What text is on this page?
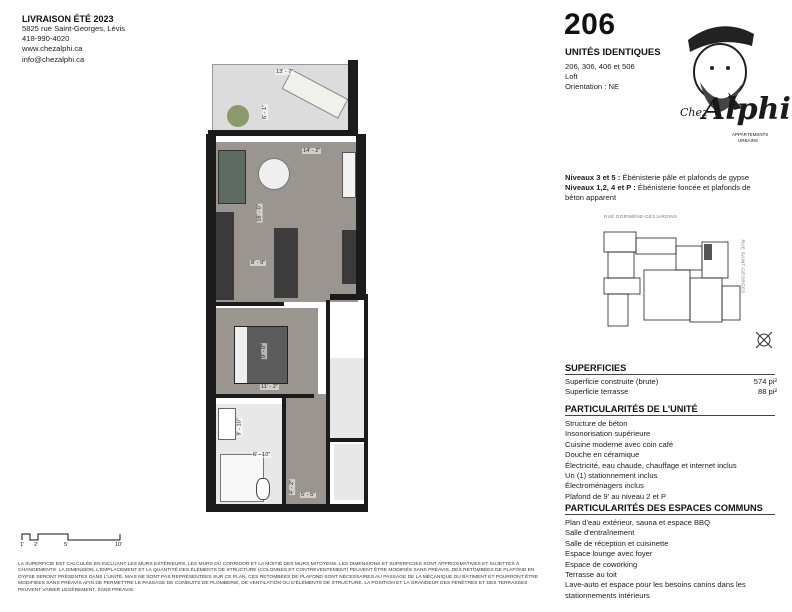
LIVRAISON ÉTÉ 2023
5825 rue Saint-Georges, Lévis
418-990-4020
www.chezalphi.ca
info@chezalphi.ca
13' - 7"
6' - 1"
14' - 2"
16' - 0"
8' - 9"
9' - 0"
11' - 2"
9' - 10"
6' - 10"
4' - 2"
5' - 5"
1' 2'	5'	10'
LA SUPERFICIE EST CALCULÉE EN INCLUANT LES MURS EXTÉRIEURS, LES MURS DU CORRIDOR ET LA MOITIÉ DES MURS MITOYENS. LES DIMENSIONS ET SUPERFICIES SONT APPROXIMATIVES ET SUJETTES À CHANGEMENTS. LA DIMENSION, L'EMPLACEMENT ET LA QUANTITÉ DES ÉLÉMENTS DE STRUCTURE (COLONNES ET CONTREVENTEMENT) PEUVENT ÊTRE MODIFIÉS SANS PRÉAVIS. DES RETOMBÉES DE PLAFOND EN GYPSE SERONT PRÉSENTES DANS L'UNITÉ, MAIS NE SONT PAS REPRÉSENTÉES SUR CE PLAN. CES RETOMBÉES DE PLAFOND SONT NÉCESSAIRES AU PASSAGE DE LA MÉCANIQUE DU BÂTIMENT ET POURRONT ÊTRE MODIFIÉES SANS PRÉAVIS AFIN DE PERMETTRE LE PASSAGE DE CONDUITS DE PLOMBERIE, DE VENTILATION OU D'ÉLÉMENTS DE STRUCTURE. LA POSITION ET LA GRANDEUR DES FENÊTRES ET DES TERRASSES PEUVENT VARIER LÉGÈREMENT, SANS PRÉAVIS.
206
UNITÉS IDENTIQUES
206, 306, 406 et 506
Loft
Orientation : NE
Chez
Alphi
APPARTEMENTS
URBAINS
Niveaux 3 et 5 : Ébénisterie pâle et plafonds de gypse
Niveaux 1,2, 4 et P : Ébénisterie foncée et plafonds de
béton apparent
RUE DORIMÈNE-DESJARDINS
RUE SAINT-GEORGES
SUPERFICIES
Superficie construite (brute)	574 pi²
Superficie terrasse	88 pi²
PARTICULARITÉS DE L'UNITÉ
Structure de béton
Insonorisation supérieure
Cuisine moderne avec coin café
Douche en céramique
Électricité, eau chaude, chauffage et internet inclus
Un (1) stationnement inclus
Électroménagers inclus
Plafond de 9' au niveau 2 et P
PARTICULARITÉS DES ESPACES COMMUNS
Plan d'eau extérieur, sauna et espace BBQ
Salle d'entraînement
Salle de réception et cuisinette
Espace lounge avec foyer
Espace de coworking
Terrasse au toit
Lave-auto et espace pour les besoins canins dans les
stationnements intérieurs
